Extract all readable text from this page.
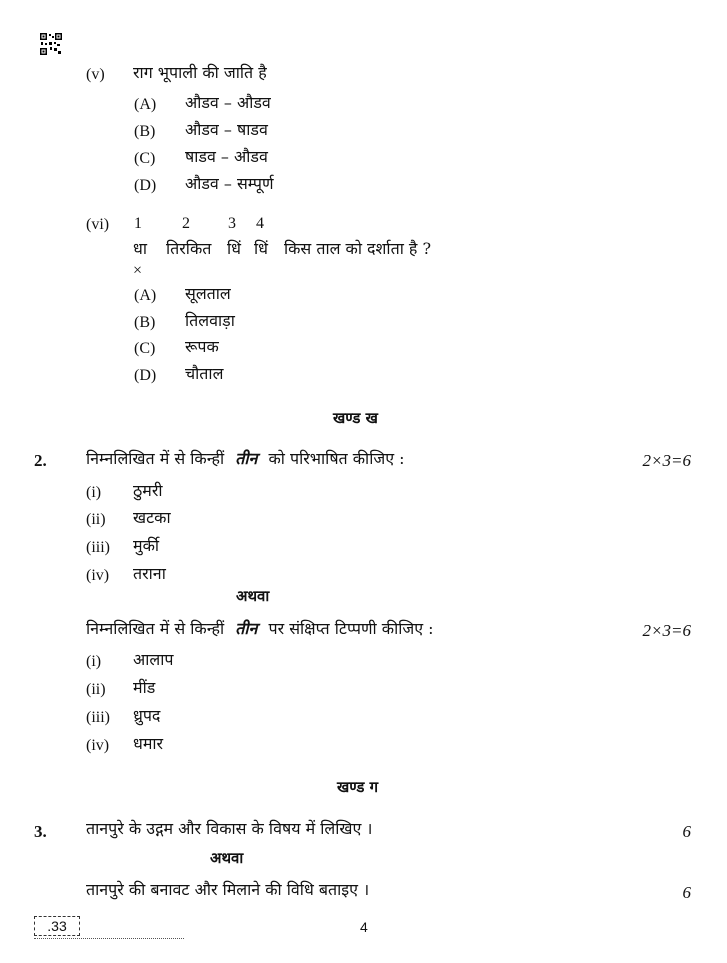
(v) राग भूपाली की जाति है
(A) औडव – औडव
(B) औडव – षाडव
(C) षाडव – औडव
(D) औडव – सम्पूर्ण
(vi) 1	2 3 4
धा तिरकित धिं धिं किस ताल को दर्शाता है ?
×
(A) सूलताल
(B) तिलवाड़ा
(C) रूपक
(D) चौताल
खण्ड ख
2. निम्नलिखित में से किन्हीं तीन को परिभाषित कीजिए :	2×3=6
(i) ठुमरी
(ii) खटका
(iii) मुर्की
(iv) तराना
अथवा
निम्नलिखित में से किन्हीं तीन पर संक्षिप्त टिप्पणी कीजिए :	2×3=6
(i) आलाप
(ii) मींड
(iii) ध्रुपद
(iv) धमार
खण्ड ग
3. तानपुरे के उद्गम और विकास के विषय में लिखिए ।	6
अथवा
तानपुरे की बनावट और मिलाने की विधि बताइए ।	6
.33	4
